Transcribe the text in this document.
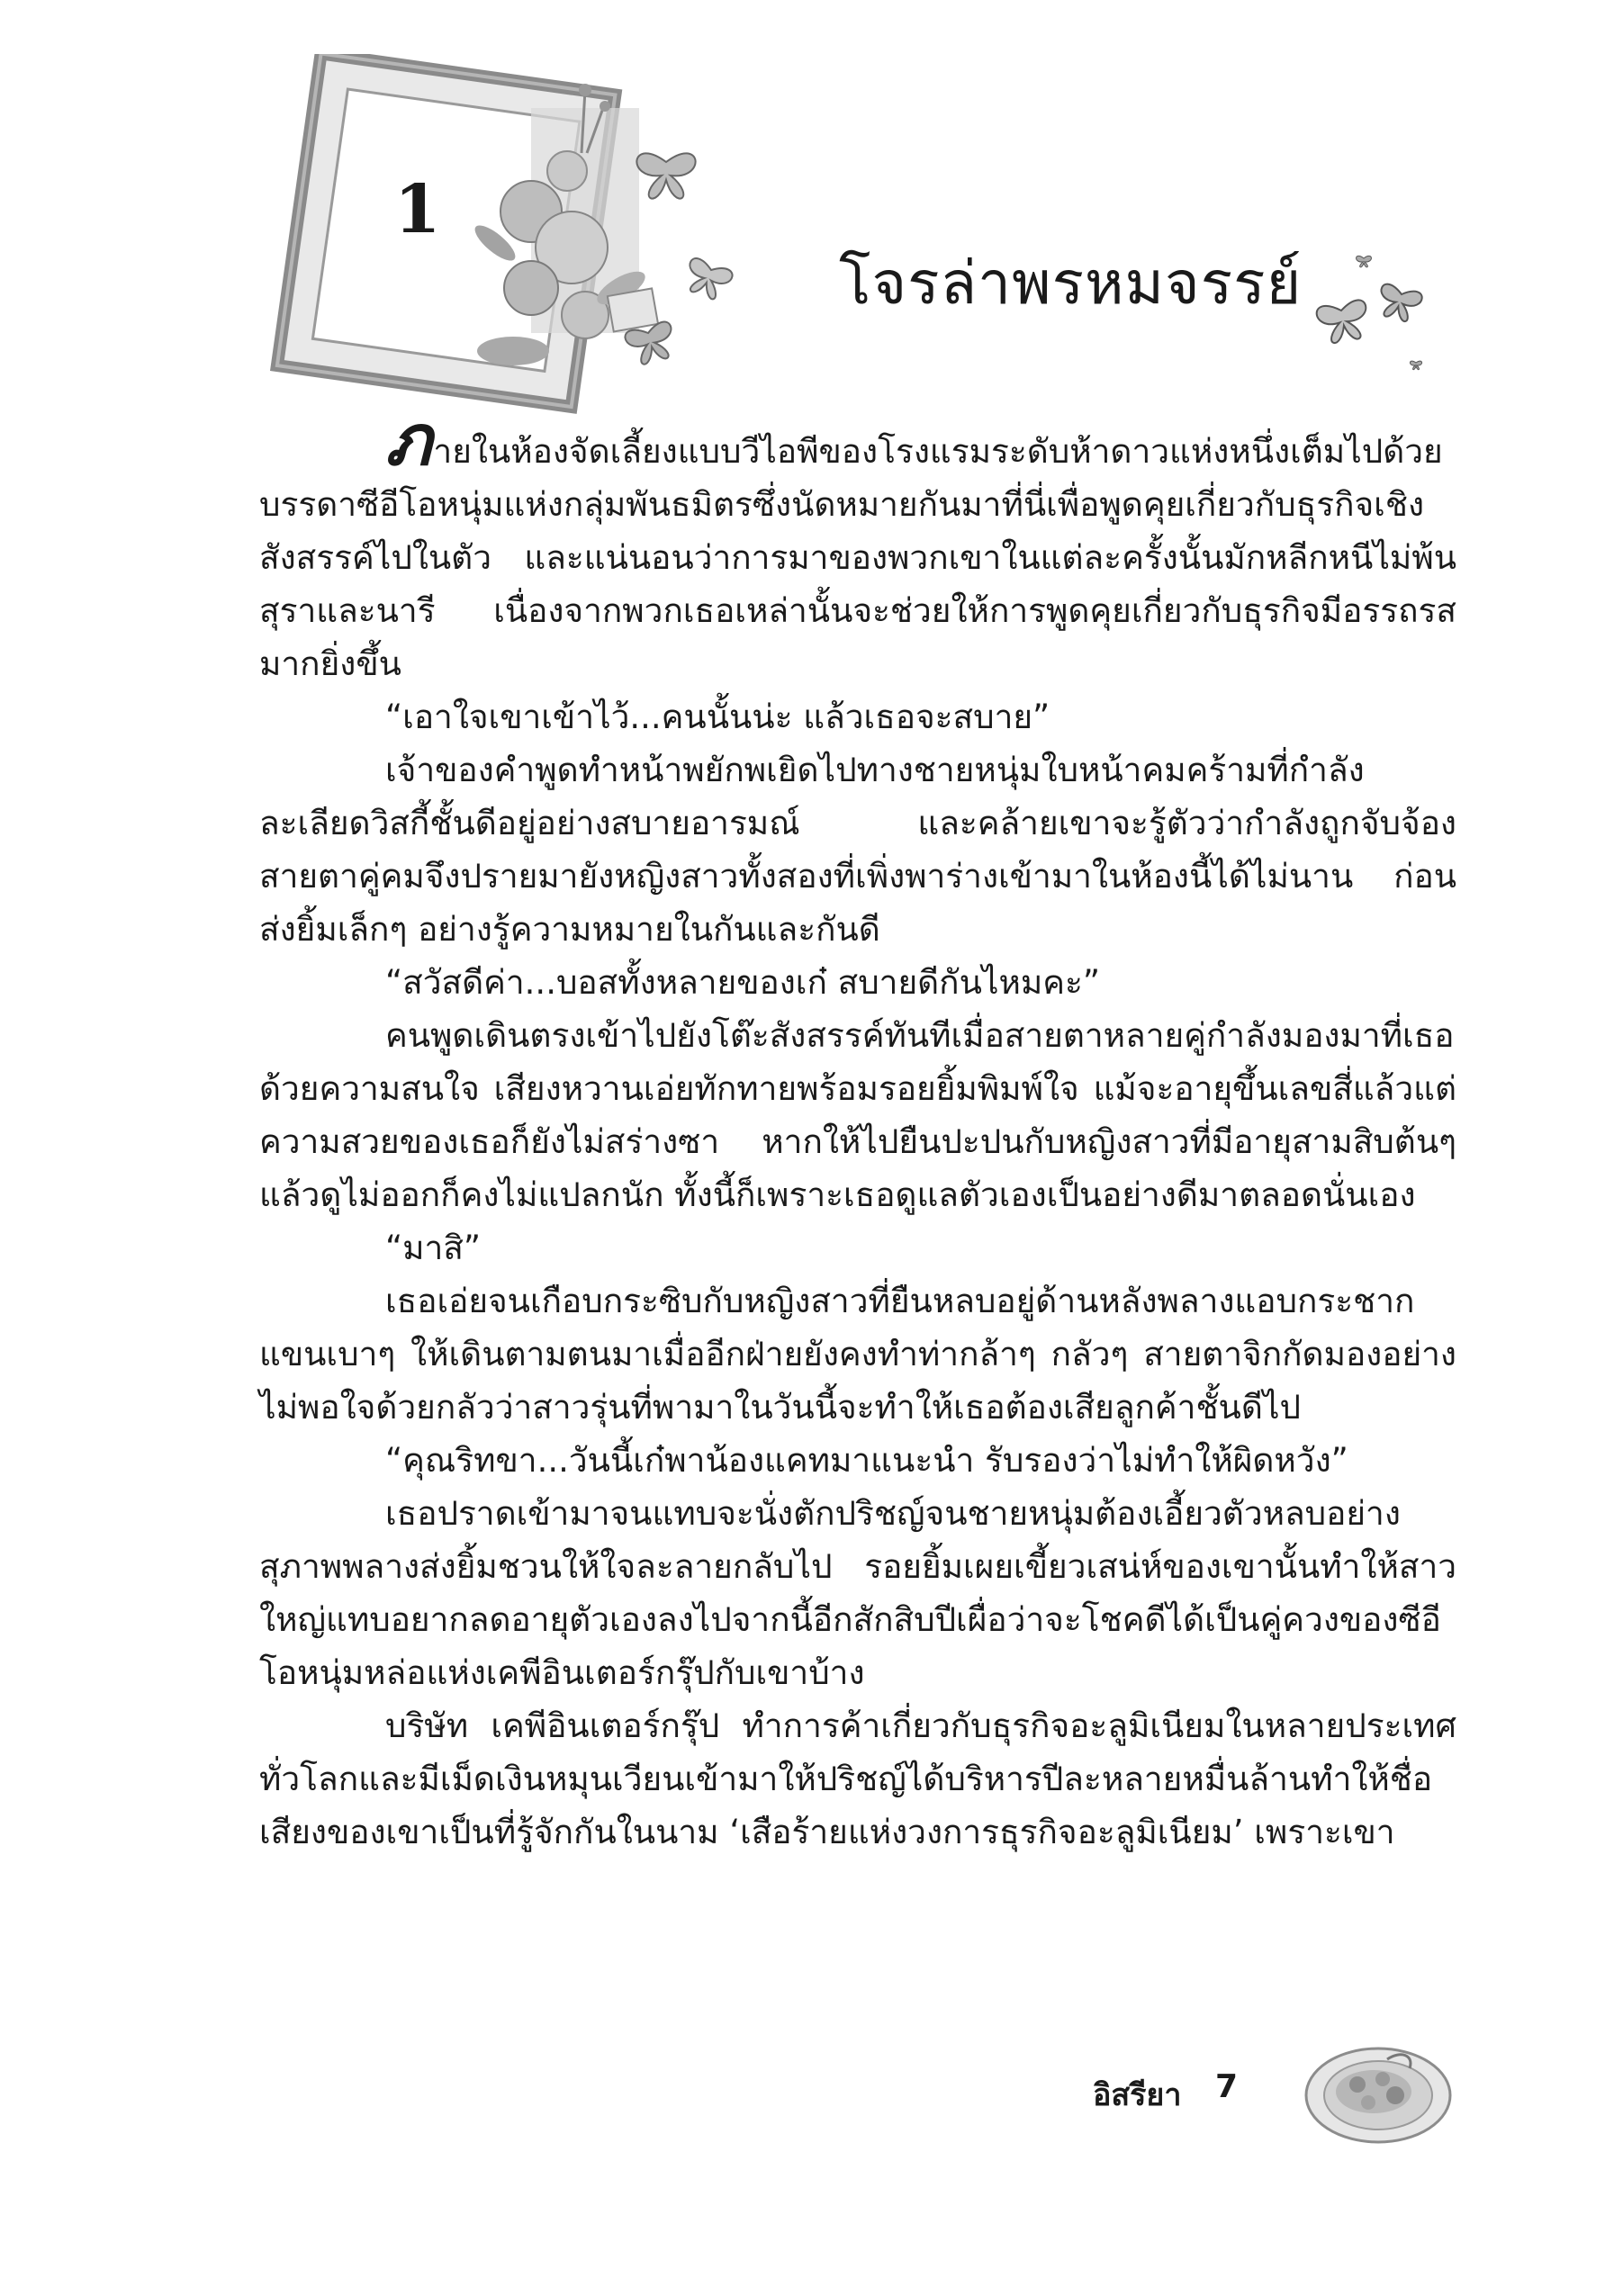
1
โจรล่าพรหมจรรย์

ภายในห้องจัดเลี้ยงแบบวีไอพีของโรงแรมระดับห้าดาวแห่งหนึ่งเต็มไปด้วยบรรดาซีอีโอหนุ่มแห่งกลุ่มพันธมิตรซึ่งนัดหมายกันมาที่นี่เพื่อพูดคุยเกี่ยวกับธุรกิจเชิงสังสรรค์ไปในตัว และแน่นอนว่าการมาของพวกเขาในแต่ละครั้งนั้นมักหลีกหนีไม่พ้นสุราและนารี เนื่องจากพวกเธอเหล่านั้นจะช่วยให้การพูดคุยเกี่ยวกับธุรกิจมีอรรถรสมากยิ่งขึ้น

“เอาใจเขาเข้าไว้...คนนั้นน่ะ แล้วเธอจะสบาย”

เจ้าของคำพูดทำหน้าพยักพเยิดไปทางชายหนุ่มใบหน้าคมคร้ามที่กำลังละเลียดวิสกี้ชั้นดีอยู่อย่างสบายอารมณ์ และคล้ายเขาจะรู้ตัวว่ากำลังถูกจับจ้อง สายตาคู่คมจึงปรายมายังหญิงสาวทั้งสองที่เพิ่งพาร่างเข้ามาในห้องนี้ได้ไม่นาน ก่อนส่งยิ้มเล็กๆ อย่างรู้ความหมายในกันและกันดี

“สวัสดีค่า...บอสทั้งหลายของเก๋ สบายดีกันไหมคะ”

คนพูดเดินตรงเข้าไปยังโต๊ะสังสรรค์ทันทีเมื่อสายตาหลายคู่กำลังมองมาที่เธอด้วยความสนใจ เสียงหวานเอ่ยทักทายพร้อมรอยยิ้มพิมพ์ใจ แม้จะอายุขึ้นเลขสี่แล้วแต่ความสวยของเธอก็ยังไม่สร่างซา หากให้ไปยืนปะปนกับหญิงสาวที่มีอายุสามสิบต้นๆ แล้วดูไม่ออกก็คงไม่แปลกนัก ทั้งนี้ก็เพราะเธอดูแลตัวเองเป็นอย่างดีมาตลอดนั่นเอง

“มาสิ”

เธอเอ่ยจนเกือบกระซิบกับหญิงสาวที่ยืนหลบอยู่ด้านหลังพลางแอบกระชากแขนเบาๆ ให้เดินตามตนมาเมื่ออีกฝ่ายยังคงทำท่ากล้าๆ กลัวๆ สายตาจิกกัดมองอย่างไม่พอใจด้วยกลัวว่าสาวรุ่นที่พามาในวันนี้จะทำให้เธอต้องเสียลูกค้าชั้นดีไป

“คุณริทขา...วันนี้เก๋พาน้องแคทมาแนะนำ รับรองว่าไม่ทำให้ผิดหวัง”

เธอปราดเข้ามาจนแทบจะนั่งตักปริชญ์จนชายหนุ่มต้องเอี้ยวตัวหลบอย่างสุภาพพลางส่งยิ้มชวนให้ใจละลายกลับไป รอยยิ้มเผยเขี้ยวเสน่ห์ของเขานั้นทำให้สาวใหญ่แทบอยากลดอายุตัวเองลงไปจากนี้อีกสักสิบปีเผื่อว่าจะโชคดีได้เป็นคู่ควงของซีอีโอหนุ่มหล่อแห่งเคพีอินเตอร์กรุ๊ปกับเขาบ้าง

บริษัท เคพีอินเตอร์กรุ๊ป ทำการค้าเกี่ยวกับธุรกิจอะลูมิเนียมในหลายประเทศทั่วโลกและมีเม็ดเงินหมุนเวียนเข้ามาให้ปริชญ์ได้บริหารปีละหลายหมื่นล้านทำให้ชื่อเสียงของเขาเป็นที่รู้จักกันในนาม ‘เสือร้ายแห่งวงการธุรกิจอะลูมิเนียม’ เพราะเขา

อิสรียา 7
